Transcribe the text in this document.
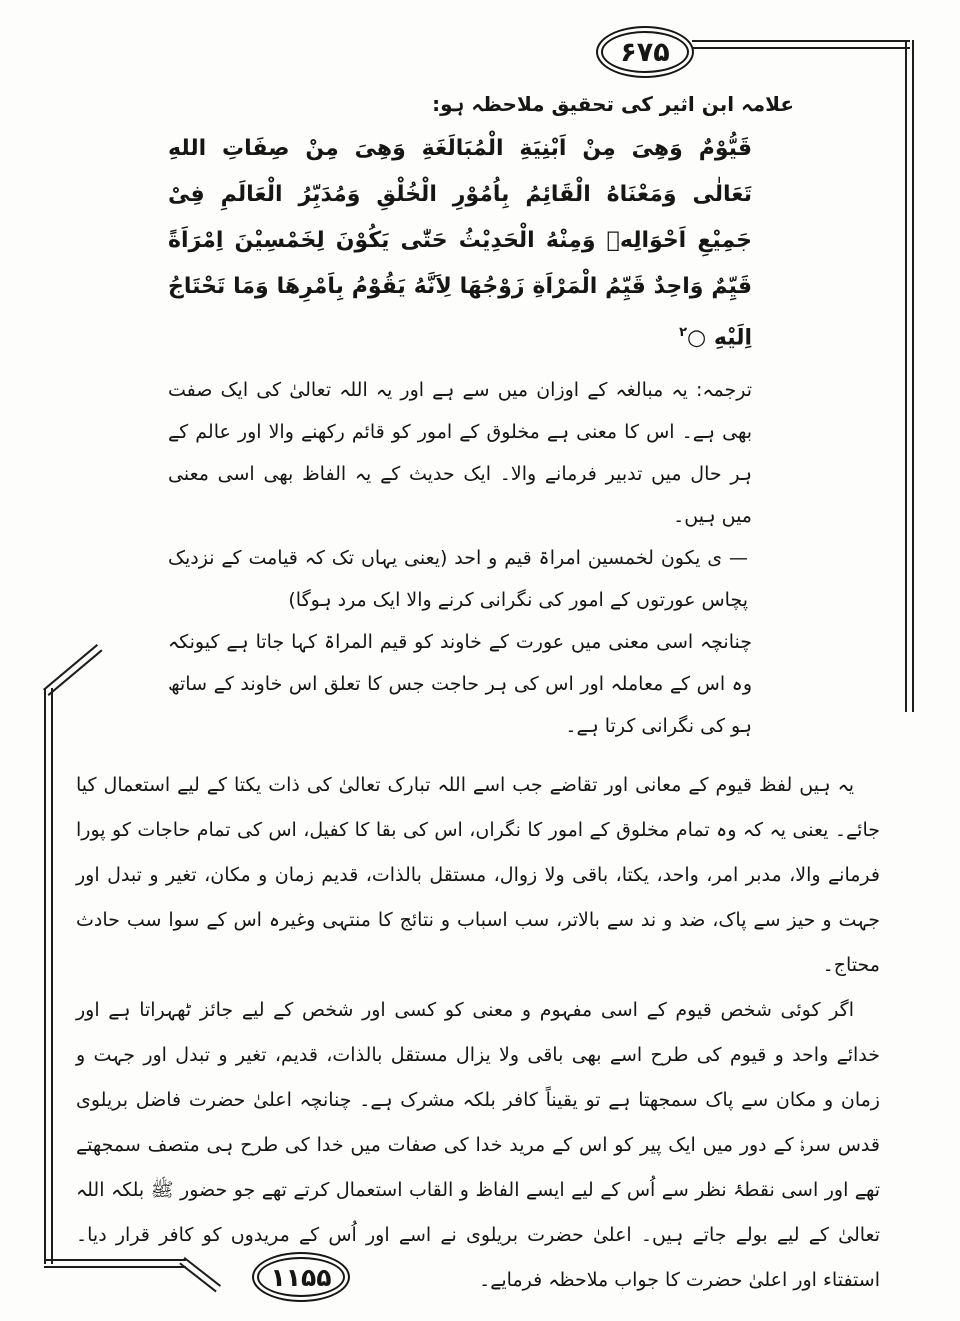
۶۷۵
۱۱۵۵
علامہ ابن اثیر کی تحقیق ملاحظہ ہو:
قَيُّوْمٌ وَهِىَ مِنْ اَبْنِيَةِ الْمُبَالَغَةِ وَهِىَ مِنْ صِفَاتِ اللهِ تَعَالٰى وَمَعْنَاهُ الْقَائِمُ بِاُمُوْرِ الْخُلْقِ وَمُدَبِّرُ الْعَالَمِ فِىْ جَمِيْعِ اَحْوَالِهٖ وَمِنْهُ الْحَدِيْثُ حَتّٰى يَكُوْنَ لِخَمْسِيْنَ اِمْرَاَةً قَيِّمٌ وَاحِدٌ قَيِّمُ الْمَرْاَةِ زَوْجُهَا لِاَنَّهُ يَقُوْمُ بِاَمْرِهَا وَمَا تَحْتَاجُ اِلَيْهِ ○$^۲$

ترجمہ: یہ مبالغہ کے اوزان میں سے ہے اور یہ اللہ تعالیٰ کی ایک صفت بھی ہے۔ اس کا معنی ہے مخلوق کے امور کو قائم رکھنے والا اور عالم کے ہر حال میں تدبیر فرمانے والا۔ ایک حدیث کے یہ الفاظ بھی اسی معنی میں ہیں۔

— ی یکون لخمسین امراۃ قیم و احد (یعنی یہاں تک کہ قیامت کے نزدیک پچاس عورتوں کے امور کی نگرانی کرنے والا ایک مرد ہوگا)

چنانچہ اسی معنی میں عورت کے خاوند کو قیم المراۃ کہا جاتا ہے کیونکہ وہ اس کے معاملہ اور اس کی ہر حاجت جس کا تعلق اس خاوند کے ساتھ ہو کی نگرانی کرتا ہے۔

یہ ہیں لفظ قیوم کے معانی اور تقاضے جب اسے اللہ تبارک تعالیٰ کی ذات یکتا کے لیے استعمال کیا جائے۔ یعنی یہ کہ وہ تمام مخلوق کے امور کا نگراں، اس کی بقا کا کفیل، اس کی تمام حاجات کو پورا فرمانے والا، مدبر امر، واحد، یکتا، باقی ولا زوال، مستقل بالذات، قدیم زمان و مکان، تغیر و تبدل اور جہت و حیز سے پاک، ضد و ند سے بالاتر، سب اسباب و نتائج کا منتہی وغیرہ اس کے سوا سب حادث محتاج۔

اگر کوئی شخص قیوم کے اسی مفہوم و معنی کو کسی اور شخص کے لیے جائز ٹھہراتا ہے اور خدائے واحد و قیوم کی طرح اسے بھی باقی ولا یزال مستقل بالذات، قدیم، تغیر و تبدل اور جہت و زمان و مکان سے پاک سمجھتا ہے تو یقیناً کافر بلکہ مشرک ہے۔ چنانچہ اعلیٰ حضرت فاضل بریلوی قدس سرہٗ کے دور میں ایک پیر کو اس کے مرید خدا کی صفات میں خدا کی طرح ہی متصف سمجھتے تھے اور اسی نقطۂ نظر سے اُس کے لیے ایسے الفاظ و القاب استعمال کرتے تھے جو حضور ﷺ بلکہ اللہ تعالیٰ کے لیے بولے جاتے ہیں۔ اعلیٰ حضرت بریلوی نے اسے اور اُس کے مریدوں کو کافر قرار دیا۔ استفتاء اور اعلیٰ حضرت کا جواب ملاحظہ فرمایے۔
